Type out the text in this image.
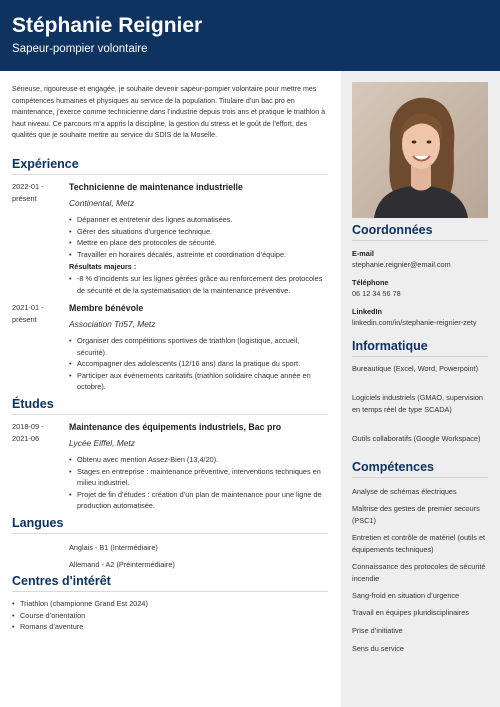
Stéphanie Reignier
Sapeur-pompier volontaire
Sérieuse, rigoureuse et engagée, je souhaite devenir sapeur-pompier volontaire pour mettre mes compétences humaines et physiques au service de la population. Titulaire d’un bac pro en maintenance, j’exerce comme technicienne dans l’industrie depuis trois ans et pratique le triathlon à haut niveau. Ce parcours m’a appris la discipline, la gestion du stress et le goût de l’effort, des qualités que je souhaite mettre au service du SDIS de la Moselle.
Expérience
2022-01 - présent
Technicienne de maintenance industrielle
Continental, Metz
• Dépanner et entretenir des lignes automatisées.
• Gérer des situations d’urgence technique.
• Mettre en place des protocoles de sécurité.
• Travailler en horaires décalés, astreinte et coordination d’équipe.
Résultats majeurs :
• -8 % d’incidents sur les lignes gérées grâce au renforcement des protocoles de sécurité et de la systématisation de la maintenance préventive.
2021-01 - présent
Membre bénévole
Association Tri57, Metz
• Organiser des compétitions sportives de triathlon (logistique, accueil, sécurité).
• Accompagner des adolescents (12/16 ans) dans la pratique du sport.
• Participer aux événements caritatifs (triathlon solidaire chaque année en octobre).
Études
2018-09 - 2021-06
Maintenance des équipements industriels, Bac pro
Lycée Eiffel, Metz
• Obtenu avec mention Assez-Bien (13,4/20).
• Stages en entreprise : maintenance préventive, interventions techniques en milieu industriel.
• Projet de fin d’études : création d’un plan de maintenance pour une ligne de production automatisée.
Langues
Anglais - B1 (Intermédiaire)
Allemand - A2 (Préintermédiaire)
Centres d'intérêt
• Triathlon (championne Grand Est 2024)
• Course d’orientation
• Romans d’aventure
Coordonnées
E-mail
stephanie.reignier@email.com
Téléphone
06 12 34 56 78
LinkedIn
linkedin.com/in/stephanie-reignier-zety
Informatique
Bureautique (Excel, Word, Powerpoint)
Logiciels industriels (GMAO, supervision en temps réel de type SCADA)
Outils collaboratifs (Google Workspace)
Compétences
Analyse de schémas électriques
Maîtrise des gestes de premier secours (PSC1)
Entretien et contrôle de matériel (outils et équipements techniques)
Connaissance des protocoles de sécurité incendie
Sang-froid en situation d’urgence
Travail en équipes pluridisciplinaires
Prise d’initiative
Sens du service
